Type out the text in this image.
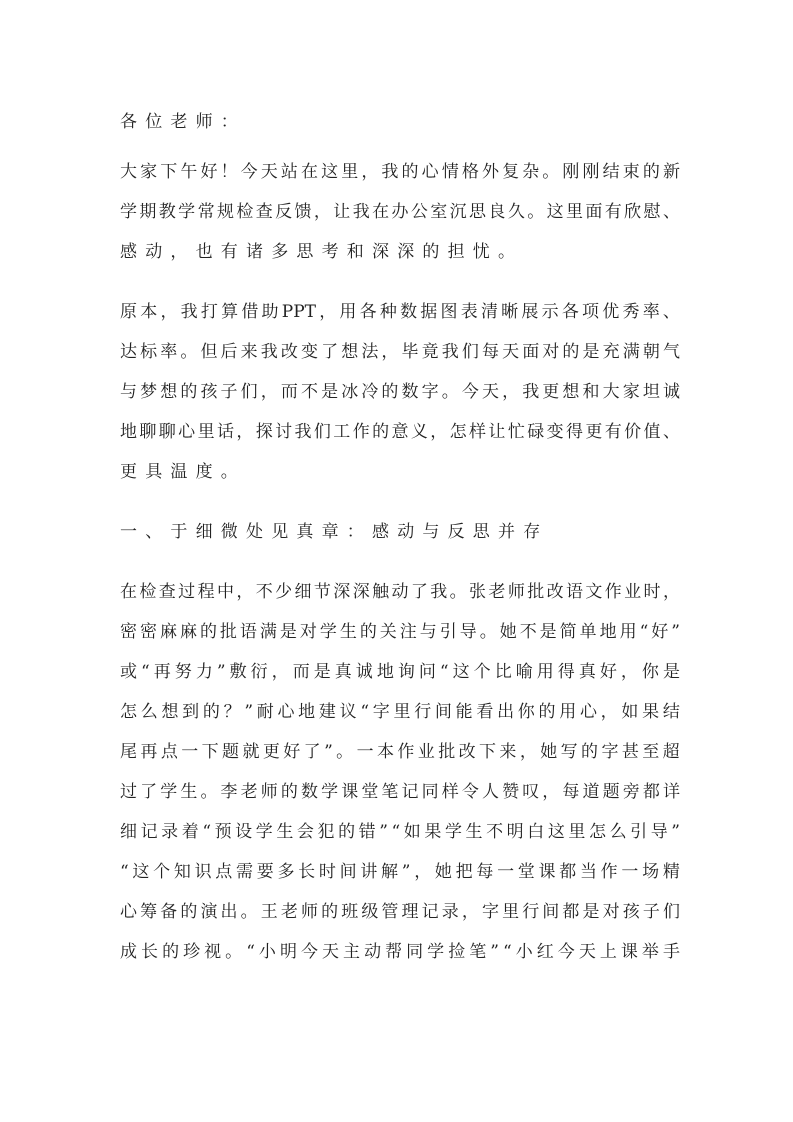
各位老师：
大 家 下 午 好 ！ 今 天 站 在 这 里 ， 我 的 心 情 格 外 复 杂 。 刚 刚 结 束 的 新
学 期 教 学 常 规 检 查 反 馈 ， 让 我 在 办 公 室 沉 思 良 久 。 这 里 面 有 欣 慰 、
感动，也有诸多思考和深深的担忧。
原 本 ， 我 打 算 借 助 PPT ， 用 各 种 数 据 图 表 清 晰 展 示 各 项 优 秀 率 、
达 标 率 。 但 后 来 我 改 变 了 想 法 ， 毕 竟 我 们 每 天 面 对 的 是 充 满 朝 气
与 梦 想 的 孩 子 们 ， 而 不 是 冰 冷 的 数 字 。 今 天 ， 我 更 想 和 大 家 坦 诚
地 聊 聊 心 里 话 ， 探 讨 我 们 工 作 的 意 义 ， 怎 样 让 忙 碌 变 得 更 有 价 值 、
更具温度。
一、于细微处见真章：感动与反思并存
在 检 查 过 程 中 ， 不 少 细 节 深 深 触 动 了 我 。 张 老 师 批 改 语 文 作 业 时 ，
密 密 麻 麻 的 批 语 满 是 对 学 生 的 关 注 与 引 导 。 她 不 是 简 单 地 用 “ 好 ”
或 “ 再 努 力 ” 敷 衍 ， 而 是 真 诚 地 询 问 “ 这 个 比 喻 用 得 真 好 ， 你 是
怎 么 想 到 的 ？ ” 耐 心 地 建 议 “ 字 里 行 间 能 看 出 你 的 用 心 ， 如 果 结
尾 再 点 一 下 题 就 更 好 了 ” 。 一 本 作 业 批 改 下 来 ， 她 写 的 字 甚 至 超
过 了 学 生 。 李 老 师 的 数 学 课 堂 笔 记 同 样 令 人 赞 叹 ， 每 道 题 旁 都 详
细 记 录 着 “ 预 设 学 生 会 犯 的 错 ” “ 如 果 学 生 不 明 白 这 里 怎 么 引 导 ”
“ 这 个 知 识 点 需 要 多 长 时 间 讲 解 ” ， 她 把 每 一 堂 课 都 当 作 一 场 精
心 筹 备 的 演 出 。 王 老 师 的 班 级 管 理 记 录 ， 字 里 行 间 都 是 对 孩 子 们
成 长 的 珍 视 。 “ 小 明 今 天 主 动 帮 同 学 捡 笔 ” “ 小 红 今 天 上 课 举 手
